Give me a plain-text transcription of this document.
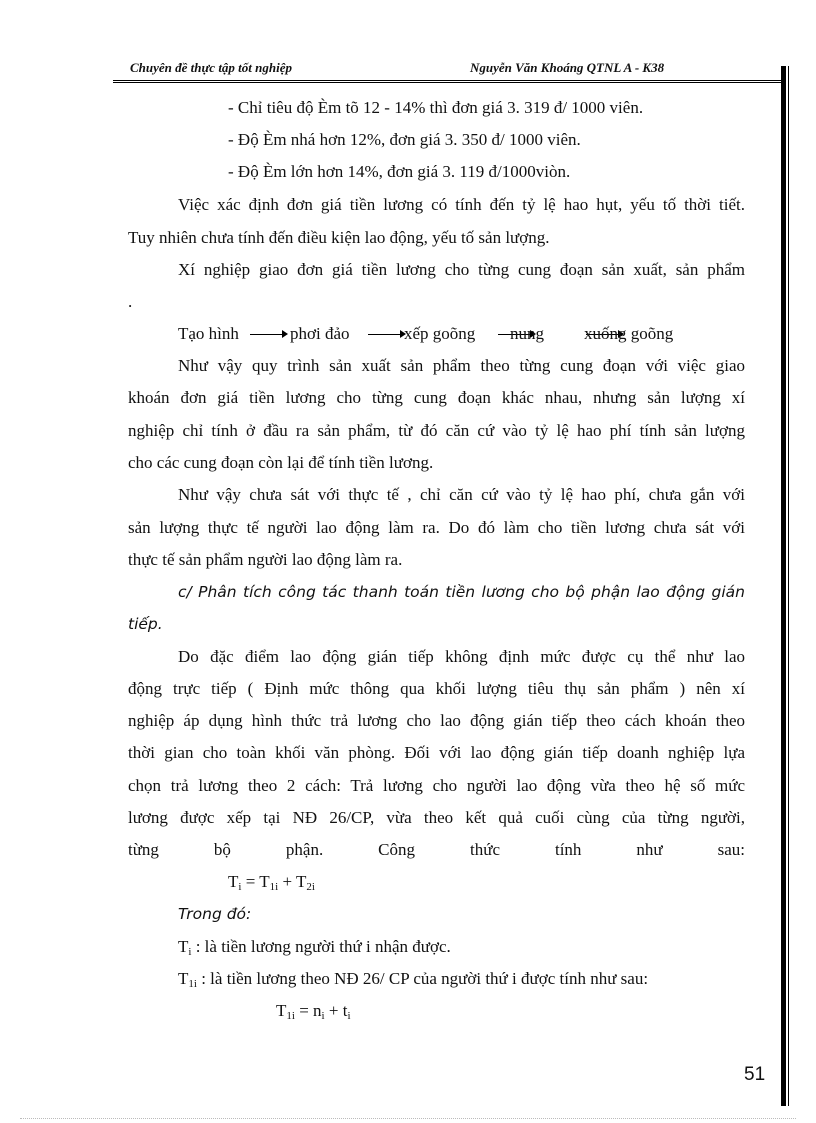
Chuyên đề thực tập tốt nghiệp	Nguyễn Văn Khoáng QTNL A - K38
- Chỉ tiêu độ Èm tõ 12 - 14% thì đơn giá 3. 319 đ/ 1000 viên.
- Độ Èm nhá hơn 12%, đơn giá 3. 350 đ/ 1000 viên.
- Độ Èm lớn hơn 14%, đơn giá 3. 119 đ/1000viòn.
Việc xác định đơn giá tiền lương có tính đến tỷ lệ hao hụt, yếu tố thời tiết.
Tuy nhiên chưa tính đến điều kiện lao động, yếu tố sản lượng.
Xí nghiệp giao đơn giá tiền lương cho từng cung đoạn sản xuất, sản phẩm
.
Tạo hình	phơi đảo	xếp goõng nung xuống goõng
Như vậy quy trình sản xuất sản phẩm theo từng cung đoạn với việc giao
khoán đơn giá tiền lương cho từng cung đoạn khác nhau, nhưng sản lượng xí
nghiệp chỉ tính ở đầu ra sản phẩm, từ đó căn cứ vào tỷ lệ hao phí tính sản lượng
cho các cung đoạn còn lại để tính tiền lương.
Như vậy chưa sát với thực tế , chỉ căn cứ vào tỷ lệ hao phí, chưa gắn với
sản lượng thực tế người lao động làm ra. Do đó làm cho tiền lương chưa sát với
thực tế sản phẩm người lao động làm ra.
c/ Phân tích công tác thanh toán tiền lương cho bộ phận lao động gián
tiếp.
Do đặc điểm lao động gián tiếp không định mức được cụ thể như lao
động trực tiếp ( Định mức thông qua khối lượng tiêu thụ sản phẩm ) nên xí
nghiệp áp dụng hình thức trả lương cho lao động gián tiếp theo cách khoán theo
thời gian cho toàn khối văn phòng. Đối với lao động gián tiếp doanh nghiệp lựa
chọn trả lương theo 2 cách: Trả lương cho người lao động vừa theo hệ số mức
lương được xếp tại NĐ 26/CP, vừa theo kết quả cuối cùng của từng người,
từng bộ phận. Công thức tính như sau:
$T_i = T_{1i} + T_{2i}$
Trong đó:
$T_i$ : là tiền lương người thứ i nhận được.
$T_{1i}$ : là tiền lương theo NĐ 26/ CP của người thứ i được tính như sau:
$T_{1i} = n_i + t_i$
51
